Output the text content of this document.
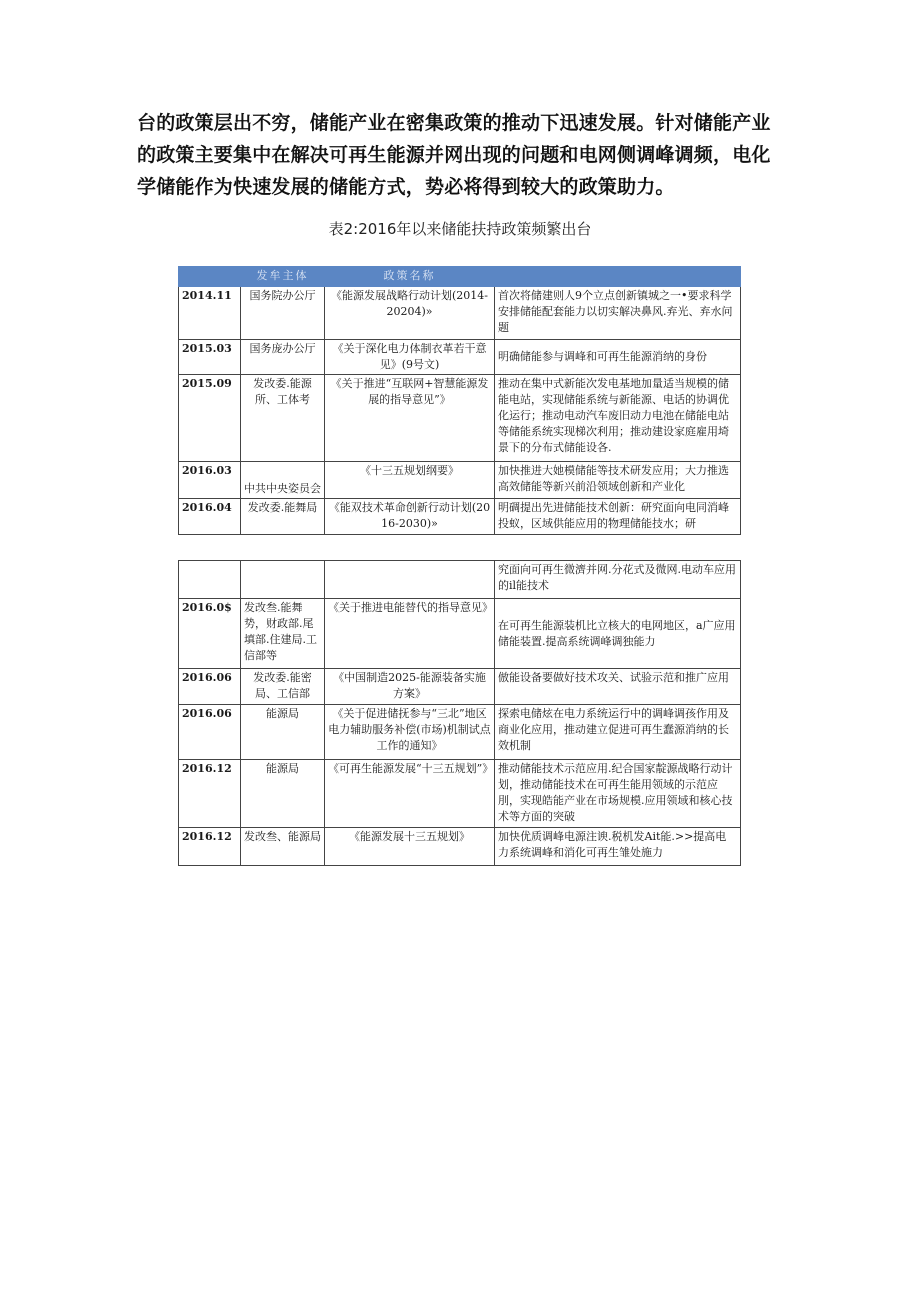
台的政策层出不穷，储能产业在密集政策的推动下迅速发展。针对储能产业的政策主要集中在解决可再生能源并网出现的问题和电网侧调峰调频，电化学储能作为快速发展的储能方式，势必将得到较大的政策助力。

表2:2016年以来储能扶持政策频繁出台

	发牟主体	政策名称	
2014.11	国务院办公厅	《能源发展战略行动计划(2014-20204)»	首次将储建则人9个立点创新镇城之一•要求科学安排储能配套能力以切实解决鼻风.弃光、弃水问题
2015.03	国务庞办公厅	《关于深化电力体制衣革若干意见》(9号文)	明确储能参与调峰和可再生能源消纳的身份
2015.09	发改委.能源所、工体考	《关于推进“互联网+智慧能源发展的指导意见”》	推动在集中式新能次发电基地加量适当规模的储能电站，实现储能系统与新能源、电话的协调优化运行；推动电动汽车废旧动力电池在储能电站等储能系统实现梯次利用；推动建设家庭雇用埼景下的分布式储能设各.
2016.03	中共中央姿员会	《十三五规划纲要》	加快推进大她模储能等技术研发应用；大力推选高效储能等新兴前沿领域创新和产业化
2016.04	发改委.能舞局	《能双技术革命创新行动计划(2016-2030)»	明碉提出先进储能技术创新：研究面向电同消峰投蚁，区域供能应用的物理储能技水；研
			究面向可再生微濟并网.分花式及微网.电动车应用的il能技术
2016.0$	发改叁.能舞势，财政部.尾填部.住建局.工信部等	《关于推进电能替代的指导意见》	在可再生能源装机比立核大的电网地区，a广应用储能装置.提高系统调峰调独能力
2016.06	发改委.能密局、工信部	《中国制造2025-能源装备实施方案》	倣能设备要做好技术攻关、试验示范和推广应用
2016.06	能源局	《关于促进储抚参与“三北”地区电力辅助服务补偿(市场)机制试点工作的通知》	探索电储炫在电力系统运行中的调峰调孩作用及商业化应用，推动建立促进可再生蠢源消纳的长效机制
2016.12	能源局	《可再生能源发展“十三五规划”》	推动储能技术示范应用.纪合国家靛源战略行动计划，推动储能技术在可再生能用领域的示范应刖，实现皓能产业在市场规模.应用领域和核心技术等方面的突破
2016.12	发改叁、能源局	《能源发展十三五规划》	加快优质调峰电源注谀.税机发Ait能.>>提高电力系统调峰和消化可再生雏处施力
